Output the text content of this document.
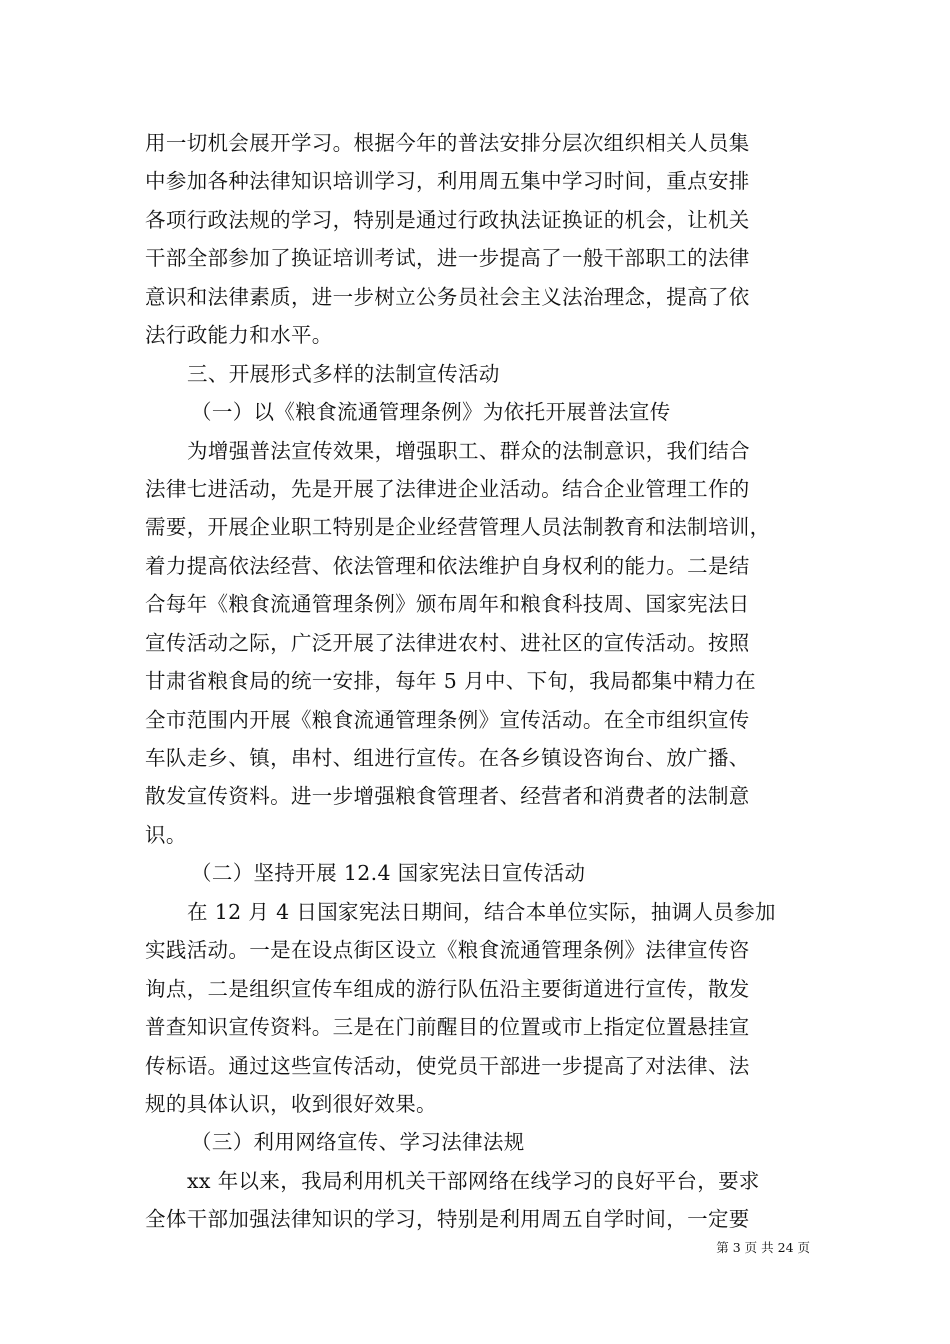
用一切机会展开学习。根据今年的普法安排分层次组织相关人员集
中参加各种法律知识培训学习，利用周五集中学习时间，重点安排
各项行政法规的学习，特别是通过行政执法证换证的机会，让机关
干部全部参加了换证培训考试，进一步提高了一般干部职工的法律
意识和法律素质，进一步树立公务员社会主义法治理念，提高了依
法行政能力和水平。
三、开展形式多样的法制宣传活动
（一）以《粮食流通管理条例》为依托开展普法宣传
为增强普法宣传效果，增强职工、群众的法制意识，我们结合
法律七进活动，先是开展了法律进企业活动。结合企业管理工作的
需要，开展企业职工特别是企业经营管理人员法制教育和法制培训，
着力提高依法经营、依法管理和依法维护自身权利的能力。二是结
合每年《粮食流通管理条例》颁布周年和粮食科技周、国家宪法日
宣传活动之际，广泛开展了法律进农村、进社区的宣传活动。按照
甘肃省粮食局的统一安排，每年 5 月中、下旬，我局都集中精力在
全市范围内开展《粮食流通管理条例》宣传活动。在全市组织宣传
车队走乡、镇，串村、组进行宣传。在各乡镇设咨询台、放广播、
散发宣传资料。进一步增强粮食管理者、经营者和消费者的法制意
识。
（二）坚持开展 12.4 国家宪法日宣传活动
在 12 月 4 日国家宪法日期间，结合本单位实际，抽调人员参加
实践活动。一是在设点街区设立《粮食流通管理条例》法律宣传咨
询点，二是组织宣传车组成的游行队伍沿主要街道进行宣传，散发
普查知识宣传资料。三是在门前醒目的位置或市上指定位置悬挂宣
传标语。通过这些宣传活动，使党员干部进一步提高了对法律、法
规的具体认识，收到很好效果。
（三）利用网络宣传、学习法律法规
xx 年以来，我局利用机关干部网络在线学习的良好平台，要求
全体干部加强法律知识的学习，特别是利用周五自学时间，一定要
第 3 页 共 24 页
